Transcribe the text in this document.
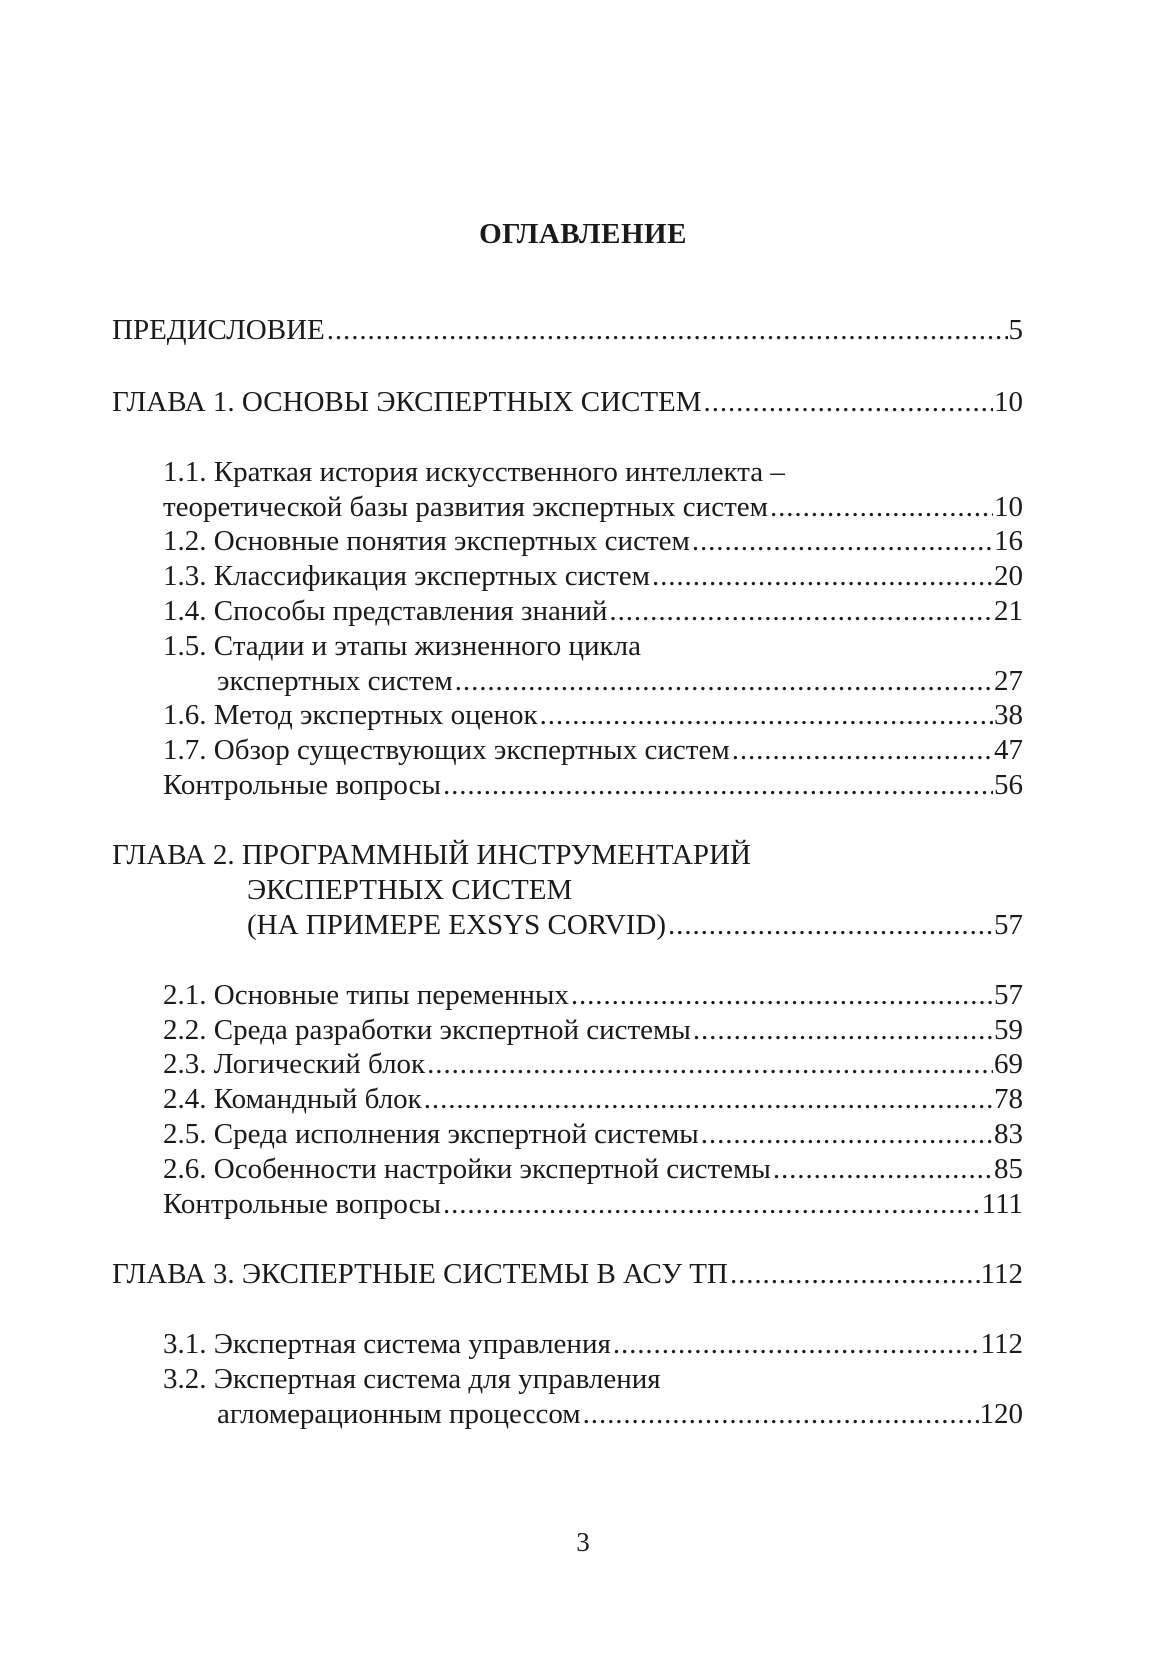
ОГЛАВЛЕНИЕ
ПРЕДИСЛОВИЕ .....	5
ГЛАВА 1. ОСНОВЫ ЭКСПЕРТНЫХ СИСТЕМ .....	10
1.1. Краткая история искусственного интеллекта –
теоретической базы развития экспертных систем .....	10
1.2. Основные понятия экспертных систем .....	16
1.3. Классификация экспертных систем .....	20
1.4. Способы представления знаний .....	21
1.5. Стадии и этапы жизненного цикла
экспертных систем .....	27
1.6. Метод экспертных оценок .....	38
1.7. Обзор существующих экспертных систем .....	47
Контрольные вопросы .....	56
ГЛАВА 2. ПРОГРАММНЫЙ ИНСТРУМЕНТАРИЙ
ЭКСПЕРТНЫХ СИСТЕМ
(НА ПРИМЕРЕ EXSYS CORVID) .....	57
2.1. Основные типы переменных .....	57
2.2. Среда разработки экспертной системы .....	59
2.3. Логический блок .....	69
2.4. Командный блок .....	78
2.5. Среда исполнения экспертной системы .....	83
2.6. Особенности настройки экспертной системы .....	85
Контрольные вопросы .....	111
ГЛАВА 3. ЭКСПЕРТНЫЕ СИСТЕМЫ В АСУ ТП .....	112
3.1. Экспертная система управления .....	112
3.2. Экспертная система для управления
агломерационным процессом .....	120
3
